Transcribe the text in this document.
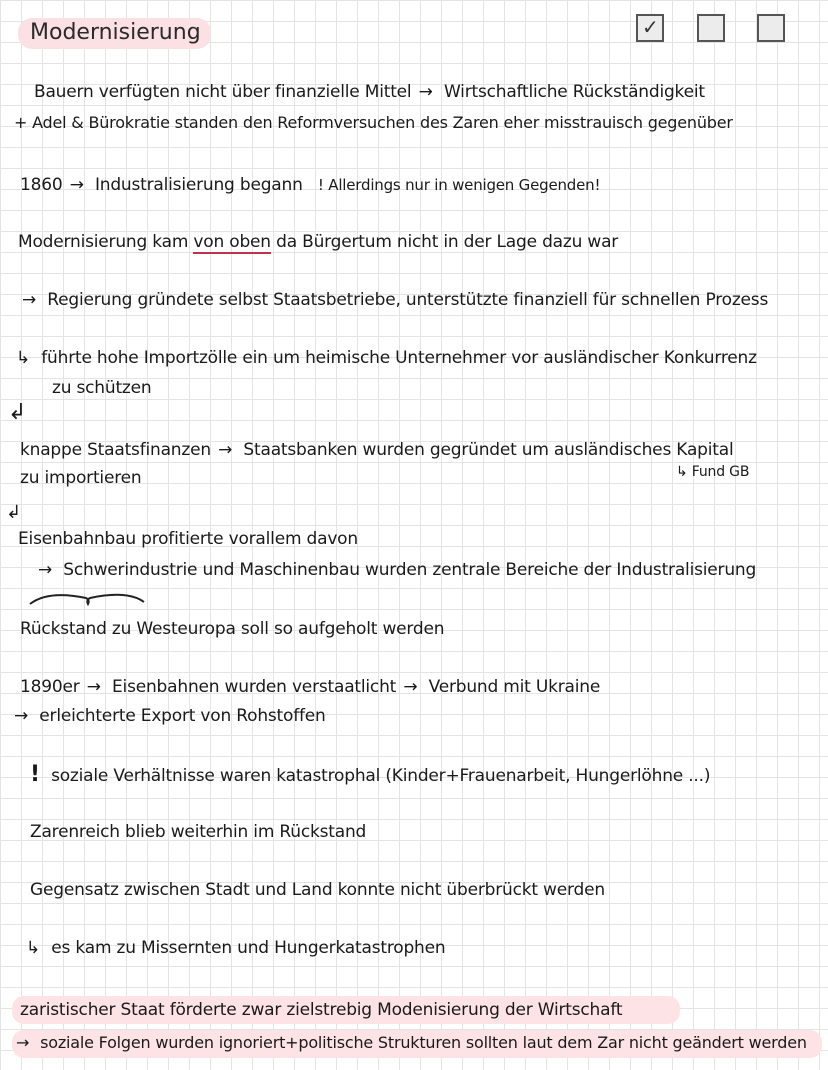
Modernisierung	✓
Bauern verfügten nicht über finanzielle Mittel → Wirtschaftliche Rückständigkeit
+ Adel & Bürokratie standen den Reformversuchen des Zaren eher misstrauisch gegenüber
1860 → Industralisierung begann ! Allerdings nur in wenigen Gegenden!
Modernisierung kam von oben da Bürgertum nicht in der Lage dazu war
→ Regierung gründete selbst Staatsbetriebe, unterstützte finanziell für schnellen Prozess
↳ führte hohe Importzölle ein um heimische Unternehmer vor ausländischer Konkurrenz
zu schützen
↲
knappe Staatsfinanzen → Staatsbanken wurden gegründet um ausländisches Kapital
zu importieren	↳ Fund GB
↲
Eisenbahnbau profitierte vorallem davon
→ Schwerindustrie und Maschinenbau wurden zentrale Bereiche der Industralisierung
Rückstand zu Westeuropa soll so aufgeholt werden
1890er → Eisenbahnen wurden verstaatlicht → Verbund mit Ukraine
→ erleichterte Export von Rohstoffen
! soziale Verhältnisse waren katastrophal (Kinder+Frauenarbeit, Hungerlöhne ...)
Zarenreich blieb weiterhin im Rückstand
Gegensatz zwischen Stadt und Land konnte nicht überbrückt werden
↳ es kam zu Missernten und Hungerkatastrophen
zaristischer Staat förderte zwar zielstrebig Modenisierung der Wirtschaft
→ soziale Folgen wurden ignoriert+politische Strukturen sollten laut dem Zar nicht geändert werden
